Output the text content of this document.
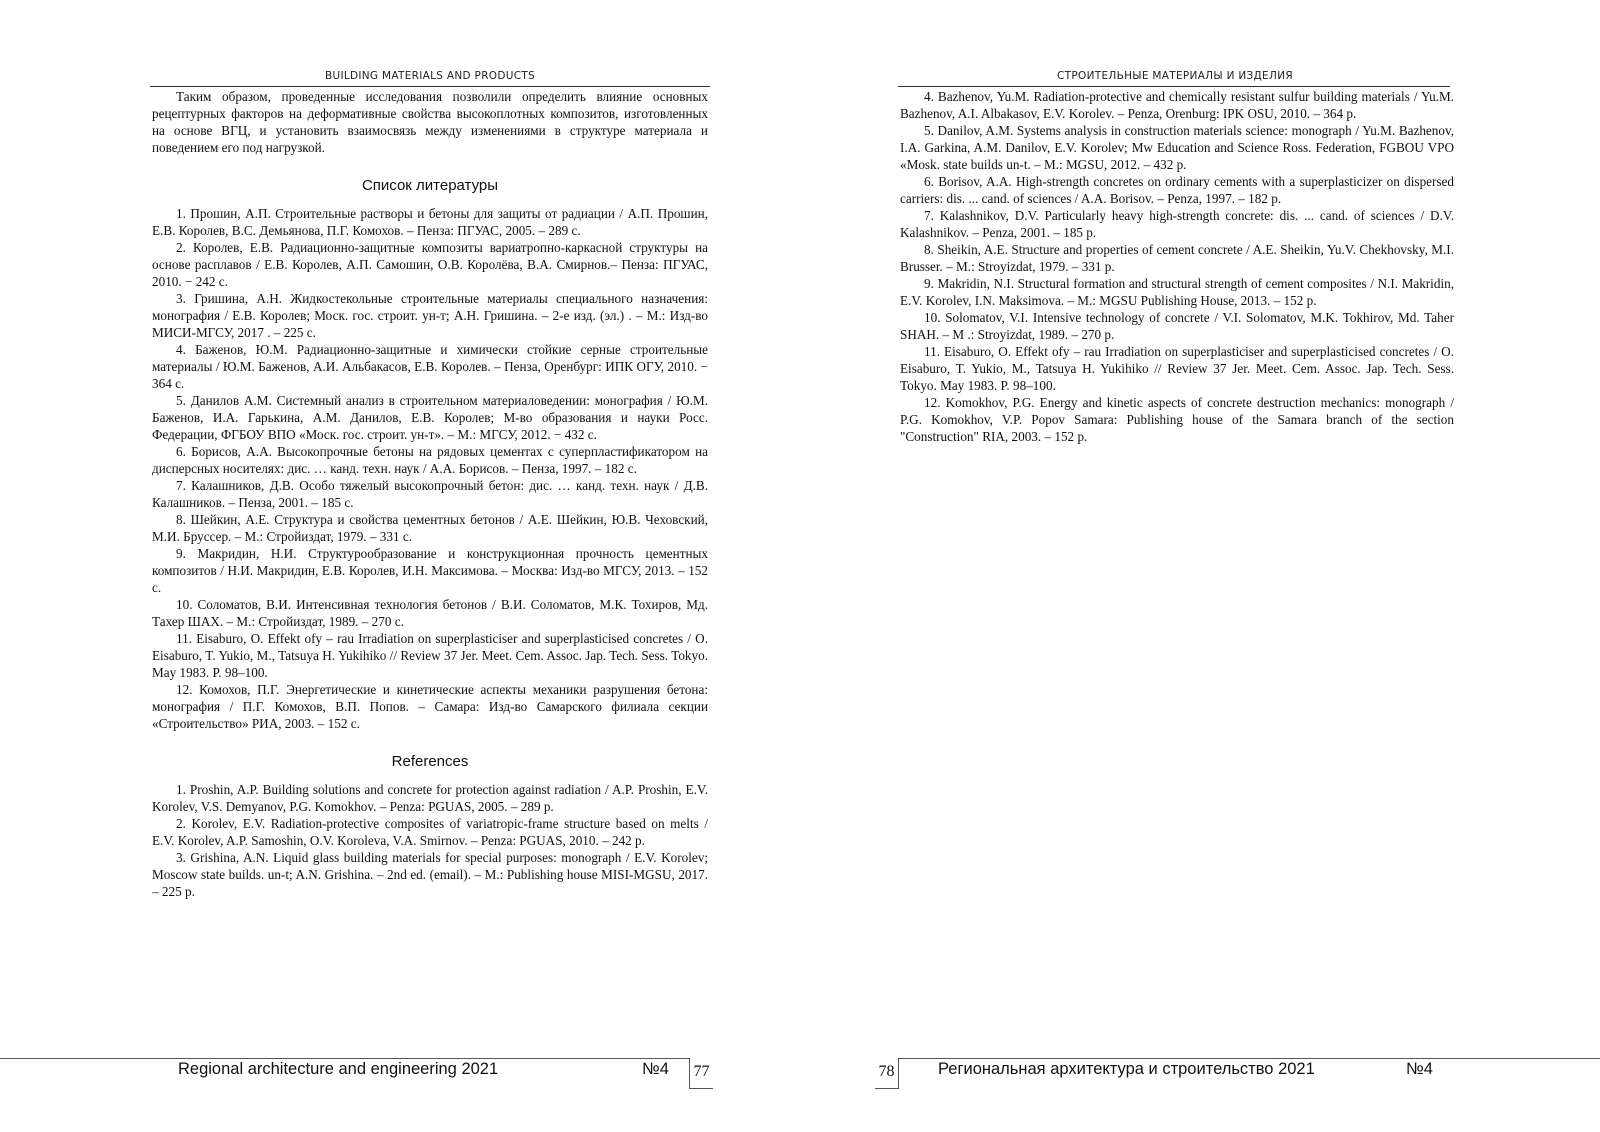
BUILDING MATERIALS AND PRODUCTS

Таким образом, проведенные исследования позволили определить влияние основных рецептурных факторов на деформативные свойства высокоплотных композитов, изготовленных на основе ВГЦ, и установить взаимосвязь между изменениями в структуре материала и поведением его под нагрузкой.

Список литературы

1. Прошин, А.П. Строительные растворы и бетоны для защиты от радиации / А.П. Прошин, Е.В. Королев, В.С. Демьянова, П.Г. Комохов. – Пенза: ПГУАС, 2005. – 289 с.

2. Королев, Е.В. Радиационно-защитные композиты вариатропно-каркасной структуры на основе расплавов / Е.В. Королев, А.П. Самошин, О.В. Королёва, В.А. Смирнов.– Пенза: ПГУАС, 2010. − 242 с.

3. Гришина, А.Н. Жидкостекольные строительные материалы специального назначения: монография / Е.В. Королев; Моск. гос. строит. ун-т; А.Н. Гришина. – 2-е изд. (эл.) . – М.: Изд-во МИСИ-МГСУ, 2017 . – 225 с.

4. Баженов, Ю.М. Радиационно-защитные и химически стойкие серные строительные материалы / Ю.М. Баженов, А.И. Альбакасов, Е.В. Королев. – Пенза, Оренбург: ИПК ОГУ, 2010. − 364 с.

5. Данилов А.М. Системный анализ в строительном материаловедении: монография / Ю.М. Баженов, И.А. Гарькина, А.М. Данилов, Е.В. Королев; М-во образования и науки Росс. Федерации, ФГБОУ ВПО «Моск. гос. строит. ун-т». – М.: МГСУ, 2012. − 432 с.

6. Борисов, А.А. Высокопрочные бетоны на рядовых цементах с суперпластификатором на дисперсных носителях: дис. … канд. техн. наук / А.А. Борисов. – Пенза, 1997. – 182 с.

7. Калашников, Д.В. Особо тяжелый высокопрочный бетон: дис. … канд. техн. наук / Д.В. Калашников. – Пенза, 2001. – 185 с.

8. Шейкин, А.Е. Структура и свойства цементных бетонов / А.Е. Шейкин, Ю.В. Чеховский, М.И. Бруссер. – М.: Стройиздат, 1979. – 331 с.

9. Макридин, Н.И. Структурообразование и конструкционная прочность цементных композитов / Н.И. Макридин, Е.В. Королев, И.Н. Максимова. – Москва: Изд-во МГСУ, 2013. – 152 с.

10. Соломатов, В.И. Интенсивная технология бетонов / В.И. Соломатов, М.К. Тохиров, Мд. Тахер ШАХ. – М.: Стройиздат, 1989. – 270 с.

11. Eisaburo, O. Effekt ofy – rau Irradiation on superplasticiser and superplasticised concretes / O. Eisaburo, T. Yukio, M., Tatsuya H. Yukihiko // Review 37 Jer. Meet. Cem. Assoc. Jap. Tech. Sess. Tokyo. May 1983. P. 98–100.

12. Комохов, П.Г. Энергетические и кинетические аспекты механики разрушения бетона: монография / П.Г. Комохов, В.П. Попов. – Самара: Изд-во Самарского филиала секции «Строительство» РИА, 2003. – 152 с.

References

1. Proshin, A.P. Building solutions and concrete for protection against radiation / A.P. Proshin, E.V. Korolev, V.S. Demyanov, P.G. Komokhov. – Penza: PGUAS, 2005. – 289 p.

2. Korolev, E.V. Radiation-protective composites of variatropic-frame structure based on melts / E.V. Korolev, A.P. Samoshin, O.V. Koroleva, V.A. Smirnov. – Penza: PGUAS, 2010. – 242 p.

3. Grishina, A.N. Liquid glass building materials for special purposes: monograph / E.V. Korolev; Moscow state builds. un-t; A.N. Grishina. – 2nd ed. (email). – M.: Publishing house MISI-MGSU, 2017. – 225 p.

Regional architecture and engineering 2021	№4 77
СТРОИТЕЛЬНЫЕ МАТЕРИАЛЫ И ИЗДЕЛИЯ

4. Bazhenov, Yu.M. Radiation-protective and chemically resistant sulfur building materials / Yu.M. Bazhenov, A.I. Albakasov, E.V. Korolev. – Penza, Orenburg: IPK OSU, 2010. – 364 p.

5. Danilov, A.M. Systems analysis in construction materials science: monograph / Yu.M. Bazhenov, I.A. Garkina, A.M. Danilov, E.V. Korolev; Mw Education and Science Ross. Federation, FGBOU VPO «Mosk. state builds un-t. – M.: MGSU, 2012. – 432 p.

6. Borisov, A.A. High-strength concretes on ordinary cements with a superplasticizer on dispersed carriers: dis. ... cand. of sciences / A.A. Borisov. – Penza, 1997. – 182 p.

7. Kalashnikov, D.V. Particularly heavy high-strength concrete: dis. ... cand. of sciences / D.V. Kalashnikov. – Penza, 2001. – 185 p.

8. Sheikin, A.E. Structure and properties of cement concrete / A.E. Sheikin, Yu.V. Chekhovsky, M.I. Brusser. – M.: Stroyizdat, 1979. – 331 p.

9. Makridin, N.I. Structural formation and structural strength of cement composites / N.I. Makridin, E.V. Korolev, I.N. Maksimova. – M.: MGSU Publishing House, 2013. – 152 p.

10. Solomatov, V.I. Intensive technology of concrete / V.I. Solomatov, M.K. Tokhirov, Md. Taher SHAH. – M .: Stroyizdat, 1989. – 270 p.

11. Eisaburo, O. Effekt ofy – rau Irradiation on superplasticiser and superplasticised concretes / O. Eisaburo, T. Yukio, M., Tatsuya H. Yukihiko // Review 37 Jer. Meet. Cem. Assoc. Jap. Tech. Sess. Tokyo. May 1983. P. 98–100.

12. Komokhov, P.G. Energy and kinetic aspects of concrete destruction mechanics: monograph / P.G. Komokhov, V.P. Popov Samara: Publishing house of the Samara branch of the section "Construction" RIA, 2003. – 152 p.

78	Региональная архитектура и строительство 2021	№4
